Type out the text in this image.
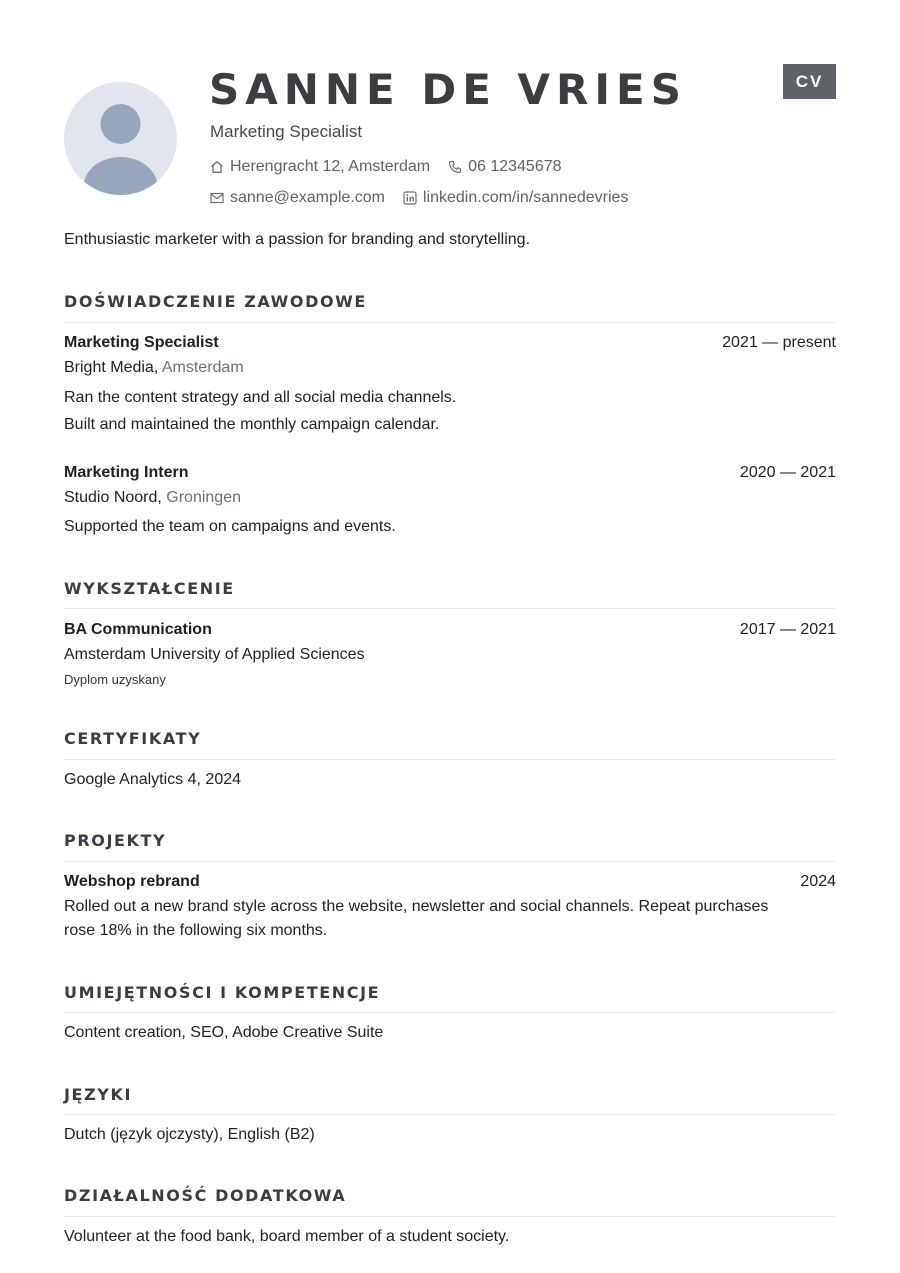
SANNE DE VRIES
Marketing Specialist
Herengracht 12, Amsterdam 06 12345678
sanne@example.com linkedin.com/in/sannedevries
CV
Enthusiastic marketer with a passion for branding and storytelling.
DOŚWIADCZENIE ZAWODOWE
Marketing Specialist	2021 — present
Bright Media, Amsterdam
Ran the content strategy and all social media channels.
Built and maintained the monthly campaign calendar.
Marketing Intern	2020 — 2021
Studio Noord, Groningen
Supported the team on campaigns and events.
WYKSZTAŁCENIE
BA Communication	2017 — 2021
Amsterdam University of Applied Sciences
Dyplom uzyskany
CERTYFIKATY
Google Analytics 4, 2024
PROJEKTY
Webshop rebrand	2024
Rolled out a new brand style across the website, newsletter and social channels. Repeat purchases
rose 18% in the following six months.
UMIEJĘTNOŚCI I KOMPETENCJE
Content creation, SEO, Adobe Creative Suite
JĘZYKI
Dutch (język ojczysty), English (B2)
DZIAŁALNOŚĆ DODATKOWA
Volunteer at the food bank, board member of a student society.
